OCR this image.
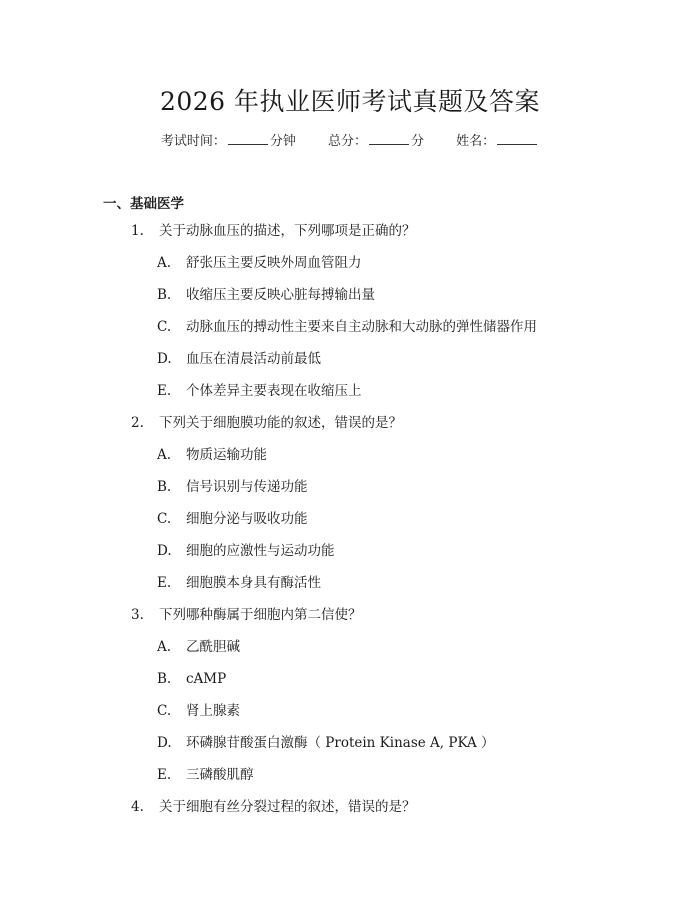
2026 年执业医师考试真题及答案
考试时间：	分钟 总分：	分 姓名：
一、基础医学
1. 关于动脉血压的描述，下列哪项是正确的？
A. 舒张压主要反映外周血管阻力
B. 收缩压主要反映心脏每搏输出量
C. 动脉血压的搏动性主要来自主动脉和大动脉的弹性储器作用
D. 血压在清晨活动前最低
E. 个体差异主要表现在收缩压上
2. 下列关于细胞膜功能的叙述，错误的是？
A. 物质运输功能
B. 信号识别与传递功能
C. 细胞分泌与吸收功能
D. 细胞的应激性与运动功能
E. 细胞膜本身具有酶活性
3. 下列哪种酶属于细胞内第二信使？
A. 乙酰胆碱
B. cAMP
C. 肾上腺素
D. 环磷腺苷酸蛋白激酶（ Protein Kinase A, PKA ）
E. 三磷酸肌醇
4. 关于细胞有丝分裂过程的叙述，错误的是？
